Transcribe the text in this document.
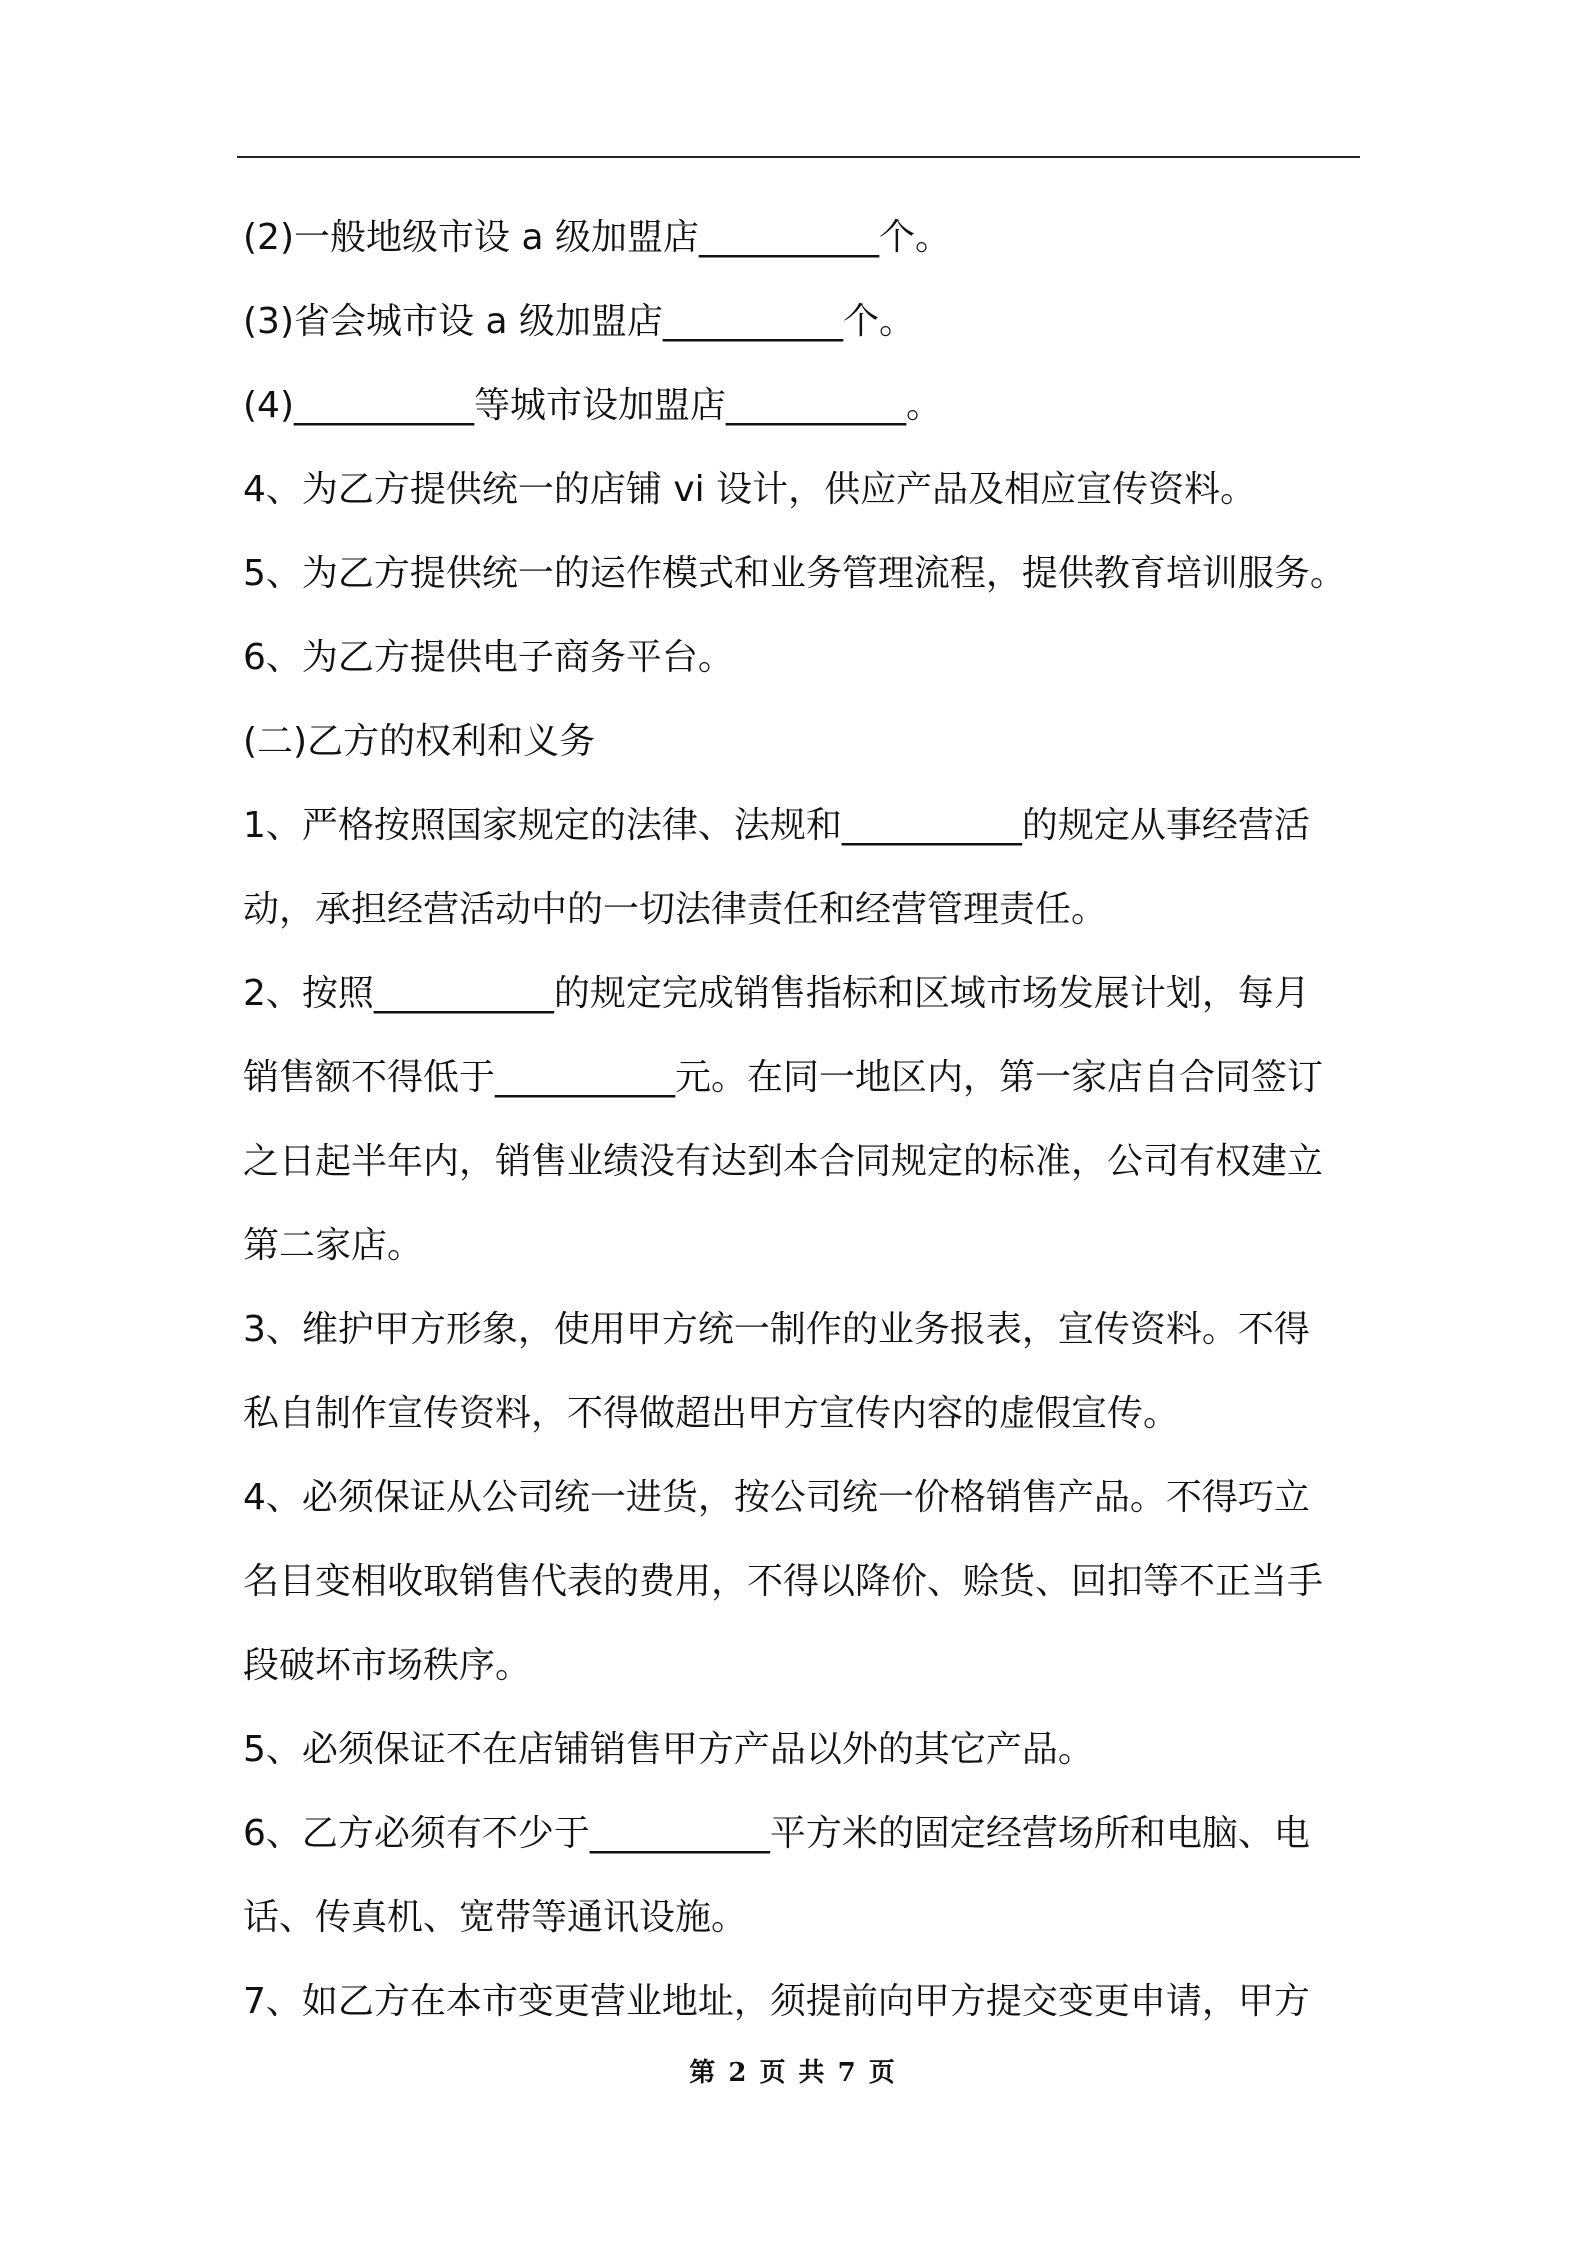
(2)一般地级市设 a 级加盟店__________个。
(3)省会城市设 a 级加盟店__________个。
(4)__________等城市设加盟店__________。
4、为乙方提供统一的店铺 vi 设计，供应产品及相应宣传资料。
5、为乙方提供统一的运作模式和业务管理流程，提供教育培训服务。
6、为乙方提供电子商务平台。
(二)乙方的权利和义务
1、严格按照国家规定的法律、法规和__________的规定从事经营活
动，承担经营活动中的一切法律责任和经营管理责任。
2、按照__________的规定完成销售指标和区域市场发展计划，每月
销售额不得低于__________元。在同一地区内，第一家店自合同签订
之日起半年内，销售业绩没有达到本合同规定的标准，公司有权建立
第二家店。
3、维护甲方形象，使用甲方统一制作的业务报表，宣传资料。不得
私自制作宣传资料，不得做超出甲方宣传内容的虚假宣传。
4、必须保证从公司统一进货，按公司统一价格销售产品。不得巧立
名目变相收取销售代表的费用，不得以降价、赊货、回扣等不正当手
段破坏市场秩序。
5、必须保证不在店铺销售甲方产品以外的其它产品。
6、乙方必须有不少于__________平方米的固定经营场所和电脑、电
话、传真机、宽带等通讯设施。
7、如乙方在本市变更营业地址，须提前向甲方提交变更申请，甲方
第 2 页 共 7 页
